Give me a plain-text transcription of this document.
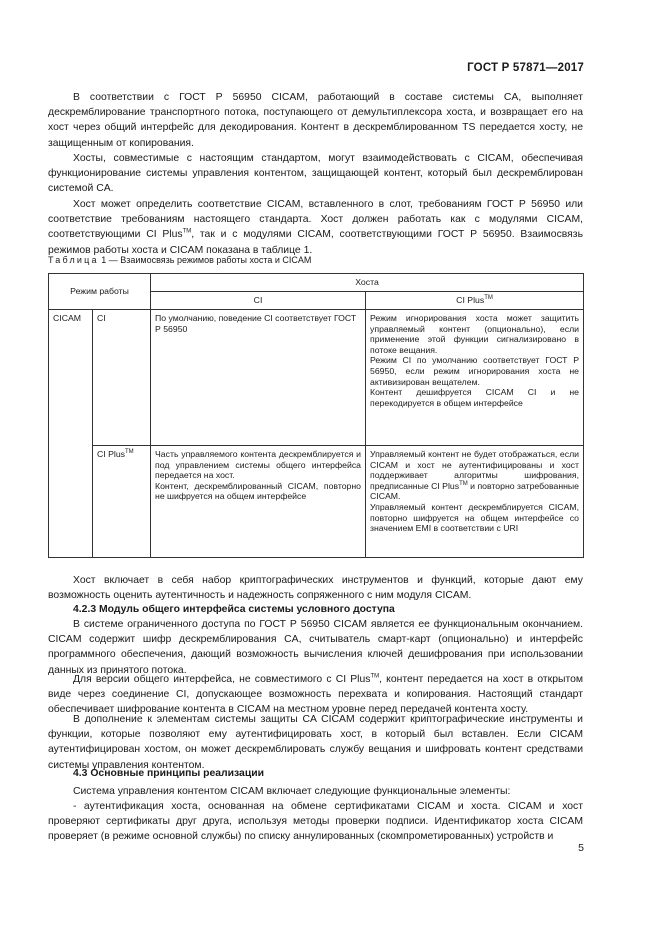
ГОСТ Р 57871—2017

В соответствии с ГОСТ Р 56950 CICAM, работающий в составе системы CA, выполняет дескремблирование транспортного потока, поступающего от демультиплексора хоста, и возвращает его на хост через общий интерфейс для декодирования. Контент в дескремблированном TS передается хосту, не защищенным от копирования.

Хосты, совместимые с настоящим стандартом, могут взаимодействовать с CICAM, обеспечивая функционирование системы управления контентом, защищающей контент, который был дескремблирован системой CA.

Хост может определить соответствие CICAM, вставленного в слот, требованиям ГОСТ Р 56950 или соответствие требованиям настоящего стандарта. Хост должен работать как с модулями CICAM, соответствующими CI Plus™, так и с модулями CICAM, соответствующими ГОСТ Р 56950. Взаимосвязь режимов работы хоста и CICAM показана в таблице 1.

Таблица 1 — Взаимосвязь режимов работы хоста и CICAM
Режим работы		Хоста	
		CI	CI Plus™
CICAM	CI	По умолчанию, поведение CI соответствует ГОСТ Р 56950	Режим игнорирования хоста может защитить управляемый контент (опционально), если применение этой функции сигнализировано в потоке вещания.
Режим CI по умолчанию соответствует ГОСТ Р 56950, если режим игнорирования хоста не активизирован вещателем.
Контент дешифруется CICAM CI и не перекодируется в общем интерфейсе

	CI Plus™	Часть управляемого контента дескремблируется и под управлением системы общего интерфейса передается на хост.
Контент, дескремблированный CICAM, повторно не шифруется на общем интерфейсе	Управляемый контент не будет отображаться, если CICAM и хост не аутентифицированы и хост поддерживает алгоритмы шифрования, предписанные CI Plus™ и повторно затребованные CICAM.
Управляемый контент дескремблируется CICAM, повторно шифруется на общем интерфейсе со значением EMI в соответствии с URI

Хост включает в себя набор криптографических инструментов и функций, которые дают ему возможность оценить аутентичность и надежность сопряженного с ним модуля CICAM.

4.2.3 Модуль общего интерфейса системы условного доступа

В системе ограниченного доступа по ГОСТ Р 56950 CICAM является ее функциональным окончанием. CICAM содержит шифр дескремблирования CA, считыватель смарт-карт (опционально) и интерфейс программного обеспечения, дающий возможность вычисления ключей дешифрования при использовании данных из принятого потока.

Для версии общего интерфейса, не совместимого с CI Plus™, контент передается на хост в открытом виде через соединение CI, допускающее возможность перехвата и копирования. Настоящий стандарт обеспечивает шифрование контента в CICAM на местном уровне перед передачей контента хосту.

В дополнение к элементам системы защиты CA CICAM содержит криптографические инструменты и функции, которые позволяют ему аутентифицировать хост, в который был вставлен. Если CICAM аутентифицирован хостом, он может дескремблировать службу вещания и шифровать контент средствами системы управления контентом.

4.3 Основные принципы реализации

Система управления контентом CICAM включает следующие функциональные элементы:

- аутентификация хоста, основанная на обмене сертификатами CICAM и хоста. CICAM и хост проверяют сертификаты друг друга, используя методы проверки подписи. Идентификатор хоста CICAM проверяет (в режиме основной службы) по списку аннулированных (скомпрометированных) устройств и

5
